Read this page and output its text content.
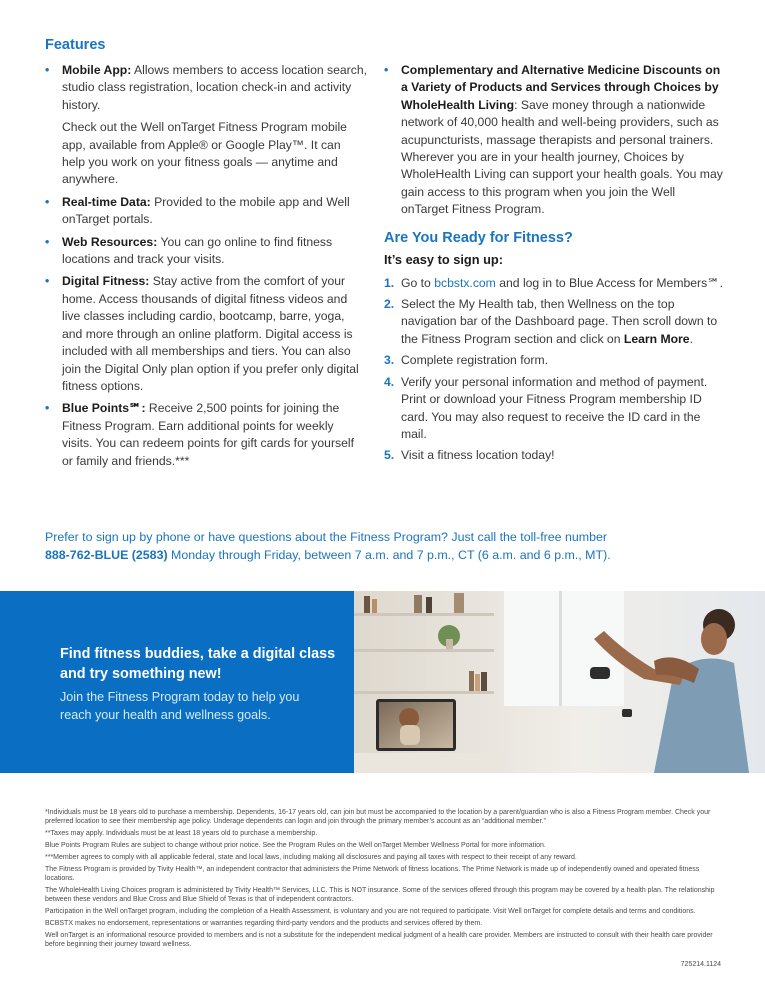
Features
• Mobile App: Allows members to access location search, studio class registration, location check-in and activity history.
Check out the Well onTarget Fitness Program mobile app, available from Apple® or Google Play™. It can help you work on your fitness goals — anytime and anywhere.
• Real-time Data: Provided to the mobile app and Well onTarget portals.
• Web Resources: You can go online to find fitness locations and track your visits.
• Digital Fitness: Stay active from the comfort of your home. Access thousands of digital fitness videos and live classes including cardio, bootcamp, barre, yoga, and more through an online platform. Digital access is included with all memberships and tiers. You can also join the Digital Only plan option if you prefer only digital fitness options.
• Blue Points℠: Receive 2,500 points for joining the Fitness Program. Earn additional points for weekly visits. You can redeem points for gift cards for yourself or family and friends.***
• Complementary and Alternative Medicine Discounts on a Variety of Products and Services through Choices by WholeHealth Living: Save money through a nationwide network of 40,000 health and well-being providers, such as acupuncturists, massage therapists and personal trainers. Wherever you are in your health journey, Choices by WholeHealth Living can support your health goals. You may gain access to this program when you join the Well onTarget Fitness Program.
Are You Ready for Fitness?
It’s easy to sign up:
1. Go to bcbstx.com and log in to Blue Access for Members℠.
2. Select the My Health tab, then Wellness on the top navigation bar of the Dashboard page. Then scroll down to the Fitness Program section and click on Learn More.
3. Complete registration form.
4. Verify your personal information and method of payment. Print or download your Fitness Program membership ID card. You may also request to receive the ID card in the mail.
5. Visit a fitness location today!
Prefer to sign up by phone or have questions about the Fitness Program? Just call the toll-free number
888-762-BLUE (2583) Monday through Friday, between 7 a.m. and 7 p.m., CT (6 a.m. and 6 p.m., MT).
Find fitness buddies, take a digital class and try something new!
Join the Fitness Program today to help you reach your health and wellness goals.

*Individuals must be 18 years old to purchase a membership. Dependents, 16-17 years old, can join but must be accompanied to the location by a parent/guardian who is also a Fitness Program member. Check your preferred location to see their membership age policy. Underage dependents can login and join through the primary member’s account as an “additional member.”

**Taxes may apply. Individuals must be at least 18 years old to purchase a membership.

Blue Points Program Rules are subject to change without prior notice. See the Program Rules on the Well onTarget Member Wellness Portal for more information.

***Member agrees to comply with all applicable federal, state and local laws, including making all disclosures and paying all taxes with respect to their receipt of any reward.

The Fitness Program is provided by Tivity Health™, an independent contractor that administers the Prime Network of fitness locations. The Prime Network is made up of independently owned and operated fitness locations.

The WholeHealth Living Choices program is administered by Tivity Health™ Services, LLC. This is NOT insurance. Some of the services offered through this program may be covered by a health plan. The relationship between these vendors and Blue Cross and Blue Shield of Texas is that of independent contractors.

Participation in the Well onTarget program, including the completion of a Health Assessment, is voluntary and you are not required to participate. Visit Well onTarget for complete details and terms and conditions.

BCBSTX makes no endorsement, representations or warranties regarding third-party vendors and the products and services offered by them.

Well onTarget is an informational resource provided to members and is not a substitute for the independent medical judgment of a health care provider. Members are instructed to consult with their health care provider before beginning their journey toward wellness.

725214.1124
